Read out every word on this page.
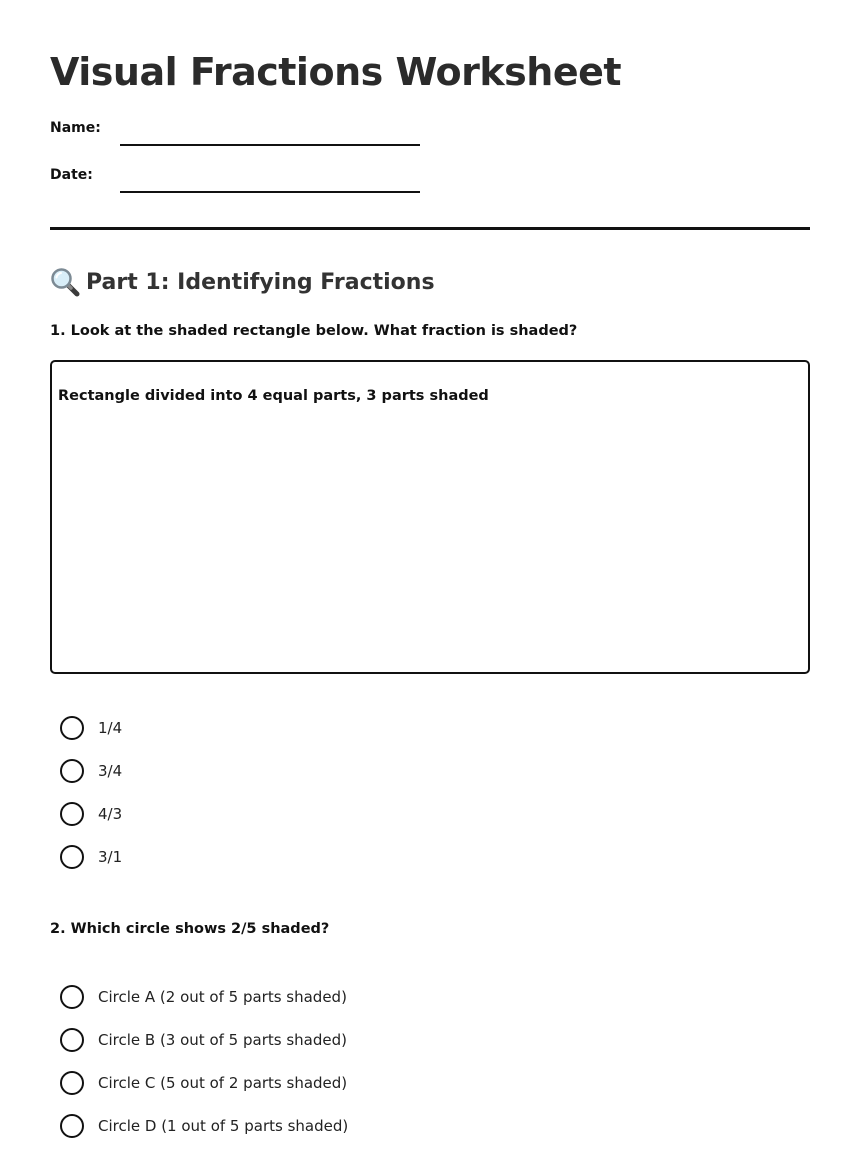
Visual Fractions Worksheet
Name:
Date:
Part 1: Identifying Fractions
1. Look at the shaded rectangle below. What fraction is shaded?
Rectangle divided into 4 equal parts, 3 parts shaded
1/4
3/4
4/3
3/1
2. Which circle shows 2/5 shaded?
Circle A (2 out of 5 parts shaded)
Circle B (3 out of 5 parts shaded)
Circle C (5 out of 2 parts shaded)
Circle D (1 out of 5 parts shaded)
